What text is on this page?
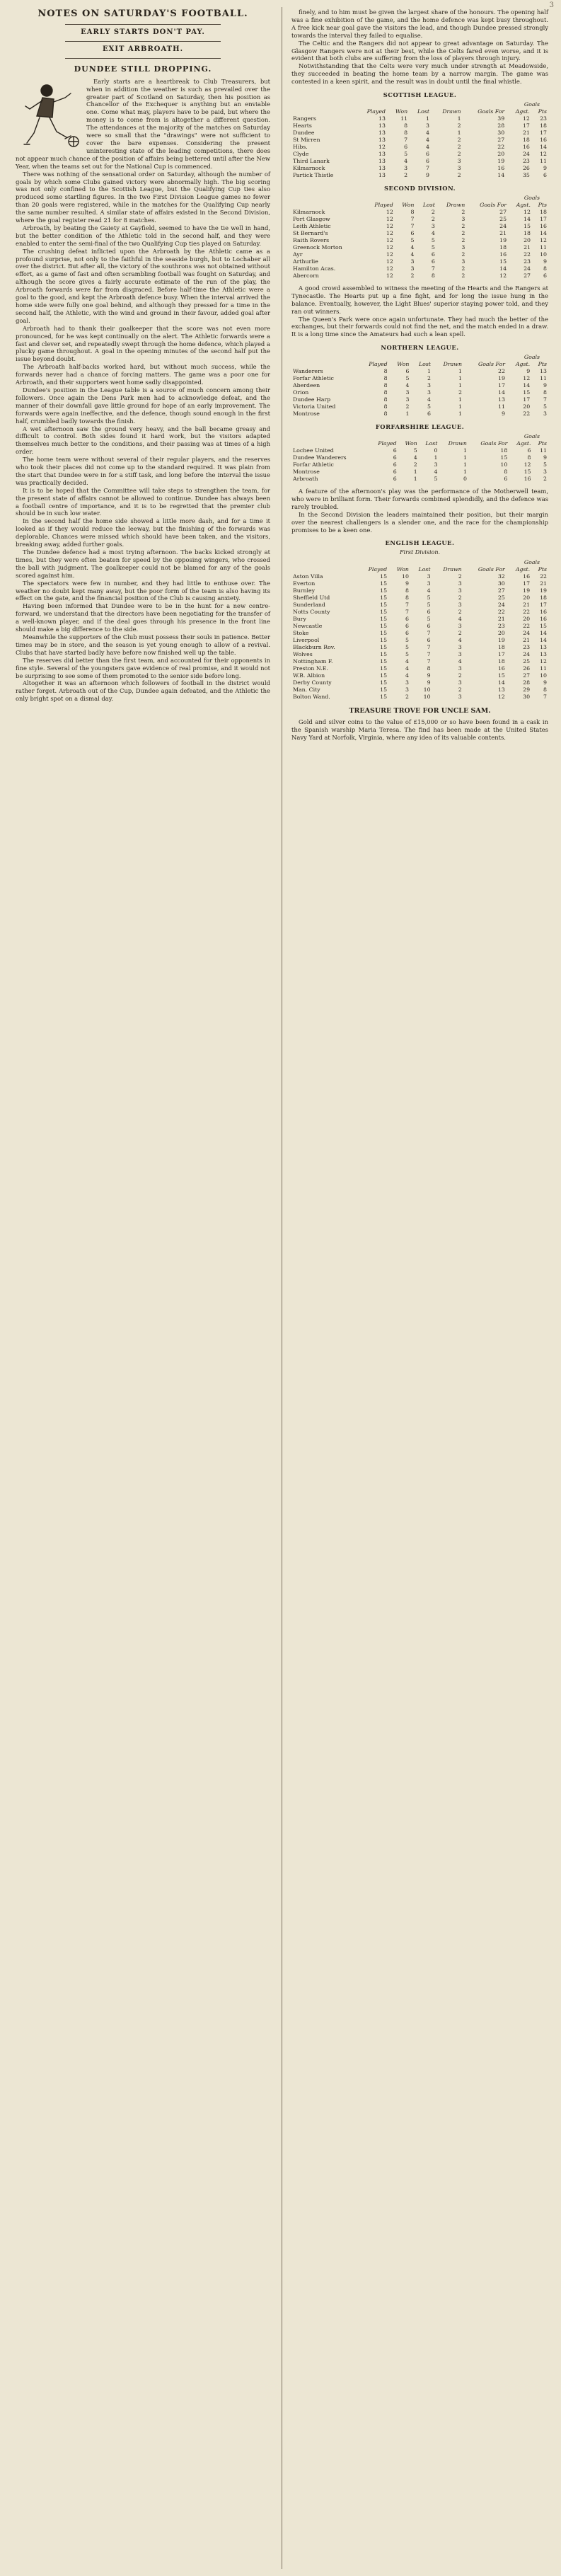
3
NOTES ON SATURDAY'S FOOTBALL.
EARLY STARTS DON'T PAY.
EXIT ARBROATH.
DUNDEE STILL DROPPING.

Early starts are a heartbreak to Club Treasurers, but when in addition the weather is such as prevailed over the greater part of Scotland on Saturday, then his position as Chancellor of the Exchequer is anything but an enviable one. Come what may, players have to be paid, but where the money is to come from is altogether a different question. The attendances at the majority of the matches on Saturday were so small that the "drawings" were not sufficient to cover the bare expenses. Considering the present uninteresting state of the leading competitions, there does not appear much chance of the position of affairs being bettered until after the New Year, when the teams set out for the National Cup is commenced.

There was nothing of the sensational order on Saturday, although the number of goals by which some Clubs gained victory were abnormally high. The big scoring was not only confined to the Scottish League, but the Qualifying Cup ties also produced some startling figures. In the two First Division League games no fewer than 20 goals were registered, while in the matches for the Qualifying Cup nearly the same number resulted. A similar state of affairs existed in the Second Division, where the goal register read 21 for 8 matches.

Arbroath, by beating the Gaiety at Gayfield, seemed to have the tie well in hand, but the better condition of the Athletic told in the second half, and they were enabled to enter the semi-final of the two Qualifying Cup ties played on Saturday.

The crushing defeat inflicted upon the Arbroath by the Athletic came as a profound surprise, not only to the faithful in the seaside burgh, but to Lochaber all over the district. But after all, the victory of the southrons was not obtained without effort, as a game of fast and often scrambling football was fought on Saturday, and although the score gives a fairly accurate estimate of the run of the play, the Arbroath forwards were far from disgraced. Before half-time the Athletic were a goal to the good, and kept the Arbroath defence busy. When the interval arrived the home side were fully one goal behind, and although they pressed for a time in the second half, the Athletic, with the wind and ground in their favour, added goal after goal.

Arbroath had to thank their goalkeeper that the score was not even more pronounced, for he was kept continually on the alert. The Athletic forwards were a fast and clever set, and repeatedly swept through the home defence, which played a plucky game throughout. A goal in the opening minutes of the second half put the issue beyond doubt.

The Arbroath half-backs worked hard, but without much success, while the forwards never had a chance of forcing matters. The game was a poor one for Arbroath, and their supporters went home sadly disappointed.

Dundee's position in the League table is a source of much concern among their followers. Once again the Dens Park men had to acknowledge defeat, and the manner of their downfall gave little ground for hope of an early improvement. The forwards were again ineffective, and the defence, though sound enough in the first half, crumbled badly towards the finish.

A wet afternoon saw the ground very heavy, and the ball became greasy and difficult to control. Both sides found it hard work, but the visitors adapted themselves much better to the conditions, and their passing was at times of a high order.

The home team were without several of their regular players, and the reserves who took their places did not come up to the standard required. It was plain from the start that Dundee were in for a stiff task, and long before the interval the issue was practically decided.

It is to be hoped that the Committee will take steps to strengthen the team, for the present state of affairs cannot be allowed to continue. Dundee has always been a football centre of importance, and it is to be regretted that the premier club should be in such low water.

In the second half the home side showed a little more dash, and for a time it looked as if they would reduce the leeway, but the finishing of the forwards was deplorable. Chances were missed which should have been taken, and the visitors, breaking away, added further goals.

The Dundee defence had a most trying afternoon. The backs kicked strongly at times, but they were often beaten for speed by the opposing wingers, who crossed the ball with judgment. The goalkeeper could not be blamed for any of the goals scored against him.

The spectators were few in number, and they had little to enthuse over. The weather no doubt kept many away, but the poor form of the team is also having its effect on the gate, and the financial position of the Club is causing anxiety.

Having been informed that Dundee were to be in the hunt for a new centre-forward, we understand that the directors have been negotiating for the transfer of a well-known player, and if the deal goes through his presence in the front line should make a big difference to the side.

Meanwhile the supporters of the Club must possess their souls in patience. Better times may be in store, and the season is yet young enough to allow of a revival. Clubs that have started badly have before now finished well up the table.

The reserves did better than the first team, and accounted for their opponents in fine style. Several of the youngsters gave evidence of real promise, and it would not be surprising to see some of them promoted to the senior side before long.

Altogether it was an afternoon which followers of football in the district would rather forget. Arbroath out of the Cup, Dundee again defeated, and the Athletic the only bright spot on a dismal day.

finely, and to him must be given the largest share of the honours. The opening half was a fine exhibition of the game, and the home defence was kept busy throughout. A free kick near goal gave the visitors the lead, and though Dundee pressed strongly towards the interval they failed to equalise.

The Celtic and the Rangers did not appear to great advantage on Saturday. The Glasgow Rangers were not at their best, while the Celts fared even worse, and it is evident that both clubs are suffering from the loss of players through injury.

Notwithstanding that the Celts were very much under strength at Meadowside, they succeeded in beating the home team by a narrow margin. The game was contested in a keen spirit, and the result was in doubt until the final whistle.

SCOTTISH LEAGUE.
	Goals						
	Played	Won	Lost	Drawn	Goals For	Agst.	Pts
Rangers	13	11	1	1	39	12	23
Hearts	13	8	3	2	28	17	18
Dundee	13	8	4	1	30	21	17
St Mirren	13	7	4	2	27	18	16
Hibs.	12	6	4	2	22	16	14
Clyde	13	5	6	2	20	24	12
Third Lanark	13	4	6	3	19	23	11
Kilmarnock	13	3	7	3	16	26	9
Partick Thistle	13	2	9	2	14	35	6
SECOND DIVISION.
	Goals						
	Played	Won	Lost	Drawn	Goals For	Agst.	Pts
Kilmarnock	12	8	2	2	27	12	18
Port Glasgow	12	7	2	3	25	14	17
Leith Athletic	12	7	3	2	24	15	16
St Bernard's	12	6	4	2	21	18	14
Raith Rovers	12	5	5	2	19	20	12
Greenock Morton	12	4	5	3	18	21	11
Ayr	12	4	6	2	16	22	10
Arthurlie	12	3	6	3	15	23	9
Hamilton Acas.	12	3	7	2	14	24	8
Abercorn	12	2	8	2	12	27	6

A good crowd assembled to witness the meeting of the Hearts and the Rangers at Tynecastle. The Hearts put up a fine fight, and for long the issue hung in the balance. Eventually, however, the Light Blues' superior staying power told, and they ran out winners.

The Queen's Park were once again unfortunate. They had much the better of the exchanges, but their forwards could not find the net, and the match ended in a draw. It is a long time since the Amateurs had such a lean spell.

NORTHERN LEAGUE.
	Goals						
	Played	Won	Lost	Drawn	Goals For	Agst.	Pts
Wanderers	8	6	1	1	22	9	13
Forfar Athletic	8	5	2	1	19	12	11
Aberdeen	8	4	3	1	17	14	9
Orion	8	3	3	2	14	15	8
Dundee Harp	8	3	4	1	13	17	7
Victoria United	8	2	5	1	11	20	5
Montrose	8	1	6	1	9	22	3
FORFARSHIRE LEAGUE.
	Goals						
	Played	Won	Lost	Drawn	Goals For	Agst.	Pts
Lochee United	6	5	0	1	18	6	11
Dundee Wanderers	6	4	1	1	15	8	9
Forfar Athletic	6	2	3	1	10	12	5
Montrose	6	1	4	1	8	15	3
Arbroath	6	1	5	0	6	16	2

A feature of the afternoon's play was the performance of the Motherwell team, who were in brilliant form. Their forwards combined splendidly, and the defence was rarely troubled.

In the Second Division the leaders maintained their position, but their margin over the nearest challengers is a slender one, and the race for the championship promises to be a keen one.

ENGLISH LEAGUE.
First Division.
	Goals						
	Played	Won	Lost	Drawn	Goals For	Agst.	Pts
Aston Villa	15	10	3	2	32	16	22
Everton	15	9	3	3	30	17	21
Burnley	15	8	4	3	27	19	19
Sheffield Utd	15	8	5	2	25	20	18
Sunderland	15	7	5	3	24	21	17
Notts County	15	7	6	2	22	22	16
Bury	15	6	5	4	21	20	16
Newcastle	15	6	6	3	23	22	15
Stoke	15	6	7	2	20	24	14
Liverpool	15	5	6	4	19	21	14
Blackburn Rov.	15	5	7	3	18	23	13
Wolves	15	5	7	3	17	24	13
Nottingham F.	15	4	7	4	18	25	12
Preston N.E.	15	4	8	3	16	26	11
W.B. Albion	15	4	9	2	15	27	10
Derby County	15	3	9	3	14	28	9
Man. City	15	3	10	2	13	29	8
Bolton Wand.	15	2	10	3	12	30	7
TREASURE TROVE FOR UNCLE SAM.

Gold and silver coins to the value of £15,000 or so have been found in a cask in the Spanish warship Maria Teresa. The find has been made at the United States Navy Yard at Norfolk, Virginia, where any idea of its valuable contents.
